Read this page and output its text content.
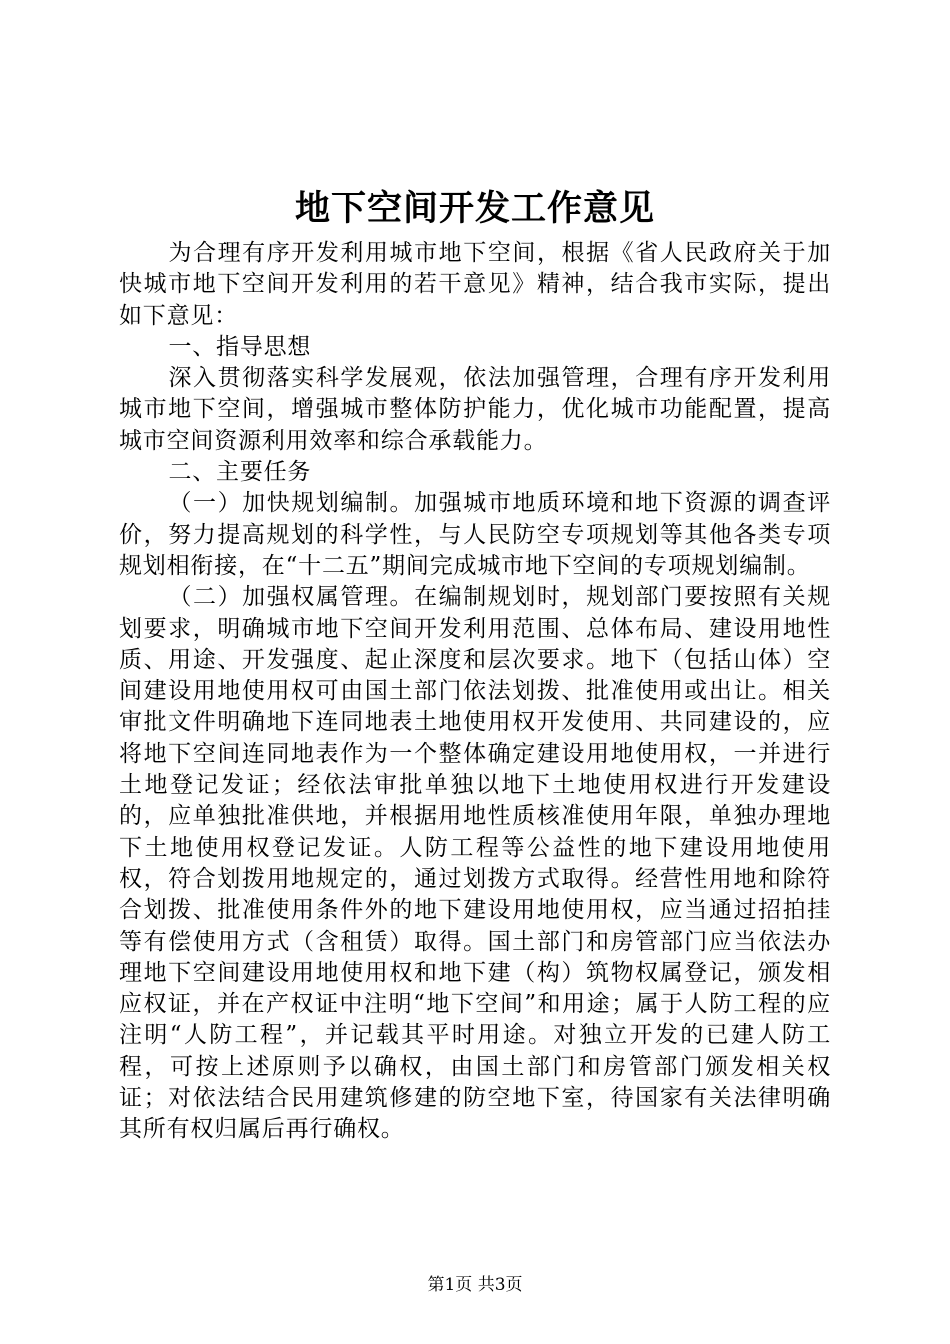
地下空间开发工作意见

为合理有序开发利用城市地下空间，根据《省人民政府关于加快城市地下空间开发利用的若干意见》精神，结合我市实际，提出如下意见：

一、指导思想

深入贯彻落实科学发展观，依法加强管理，合理有序开发利用城市地下空间，增强城市整体防护能力，优化城市功能配置，提高城市空间资源利用效率和综合承载能力。

二、主要任务

（一）加快规划编制。加强城市地质环境和地下资源的调查评价，努力提高规划的科学性，与人民防空专项规划等其他各类专项规划相衔接，在“十二五”期间完成城市地下空间的专项规划编制。

（二）加强权属管理。在编制规划时，规划部门要按照有关规划要求，明确城市地下空间开发利用范围、总体布局、建设用地性质、用途、开发强度、起止深度和层次要求。地下（包括山体）空间建设用地使用权可由国土部门依法划拨、批准使用或出让。相关审批文件明确地下连同地表土地使用权开发使用、共同建设的，应将地下空间连同地表作为一个整体确定建设用地使用权，一并进行土地登记发证；经依法审批单独以地下土地使用权进行开发建设的，应单独批准供地，并根据用地性质核准使用年限，单独办理地下土地使用权登记发证。人防工程等公益性的地下建设用地使用权，符合划拨用地规定的，通过划拨方式取得。经营性用地和除符合划拨、批准使用条件外的地下建设用地使用权，应当通过招拍挂等有偿使用方式（含租赁）取得。国土部门和房管部门应当依法办理地下空间建设用地使用权和地下建（构）筑物权属登记，颁发相应权证，并在产权证中注明“地下空间”和用途；属于人防工程的应注明“人防工程”，并记载其平时用途。对独立开发的已建人防工程，可按上述原则予以确权，由国土部门和房管部门颁发相关权证；对依法结合民用建筑修建的防空地下室，待国家有关法律明确其所有权归属后再行确权。

第1页 共3页
